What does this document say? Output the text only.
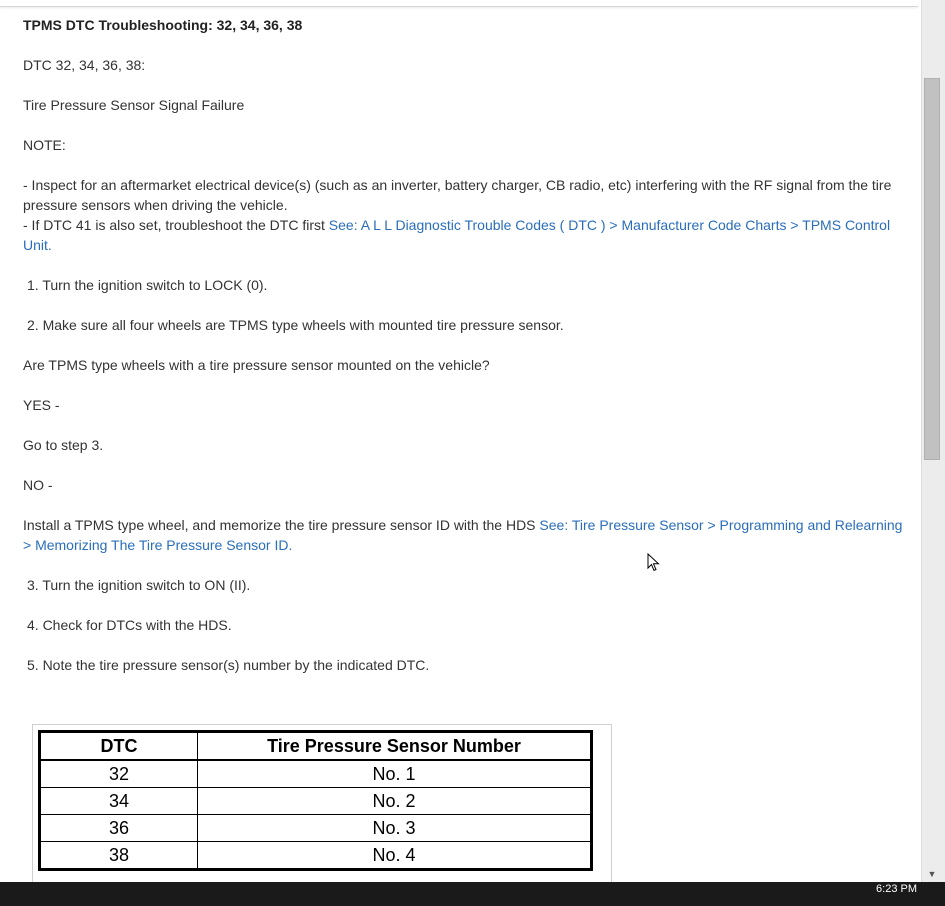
TPMS DTC Troubleshooting: 32, 34, 36, 38

DTC 32, 34, 36, 38:

Tire Pressure Sensor Signal Failure

NOTE:

- Inspect for an aftermarket electrical device(s) (such as an inverter, battery charger, CB radio, etc) interfering with the RF signal from the tire pressure sensors when driving the vehicle.
- If DTC 41 is also set, troubleshoot the DTC first See: A L L Diagnostic Trouble Codes ( DTC ) > Manufacturer Code Charts > TPMS Control Unit.

1. Turn the ignition switch to LOCK (0).

2. Make sure all four wheels are TPMS type wheels with mounted tire pressure sensor.

Are TPMS type wheels with a tire pressure sensor mounted on the vehicle?

YES -

Go to step 3.

NO -

Install a TPMS type wheel, and memorize the tire pressure sensor ID with the HDS See: Tire Pressure Sensor > Programming and Relearning > Memorizing The Tire Pressure Sensor ID.

3. Turn the ignition switch to ON (II).

4. Check for DTCs with the HDS.

5. Note the tire pressure sensor(s) number by the indicated DTC.

DTC	Tire Pressure Sensor Number
32	No. 1
34	No. 2
36	No. 3
38	No. 4
▼
6:23 PM
